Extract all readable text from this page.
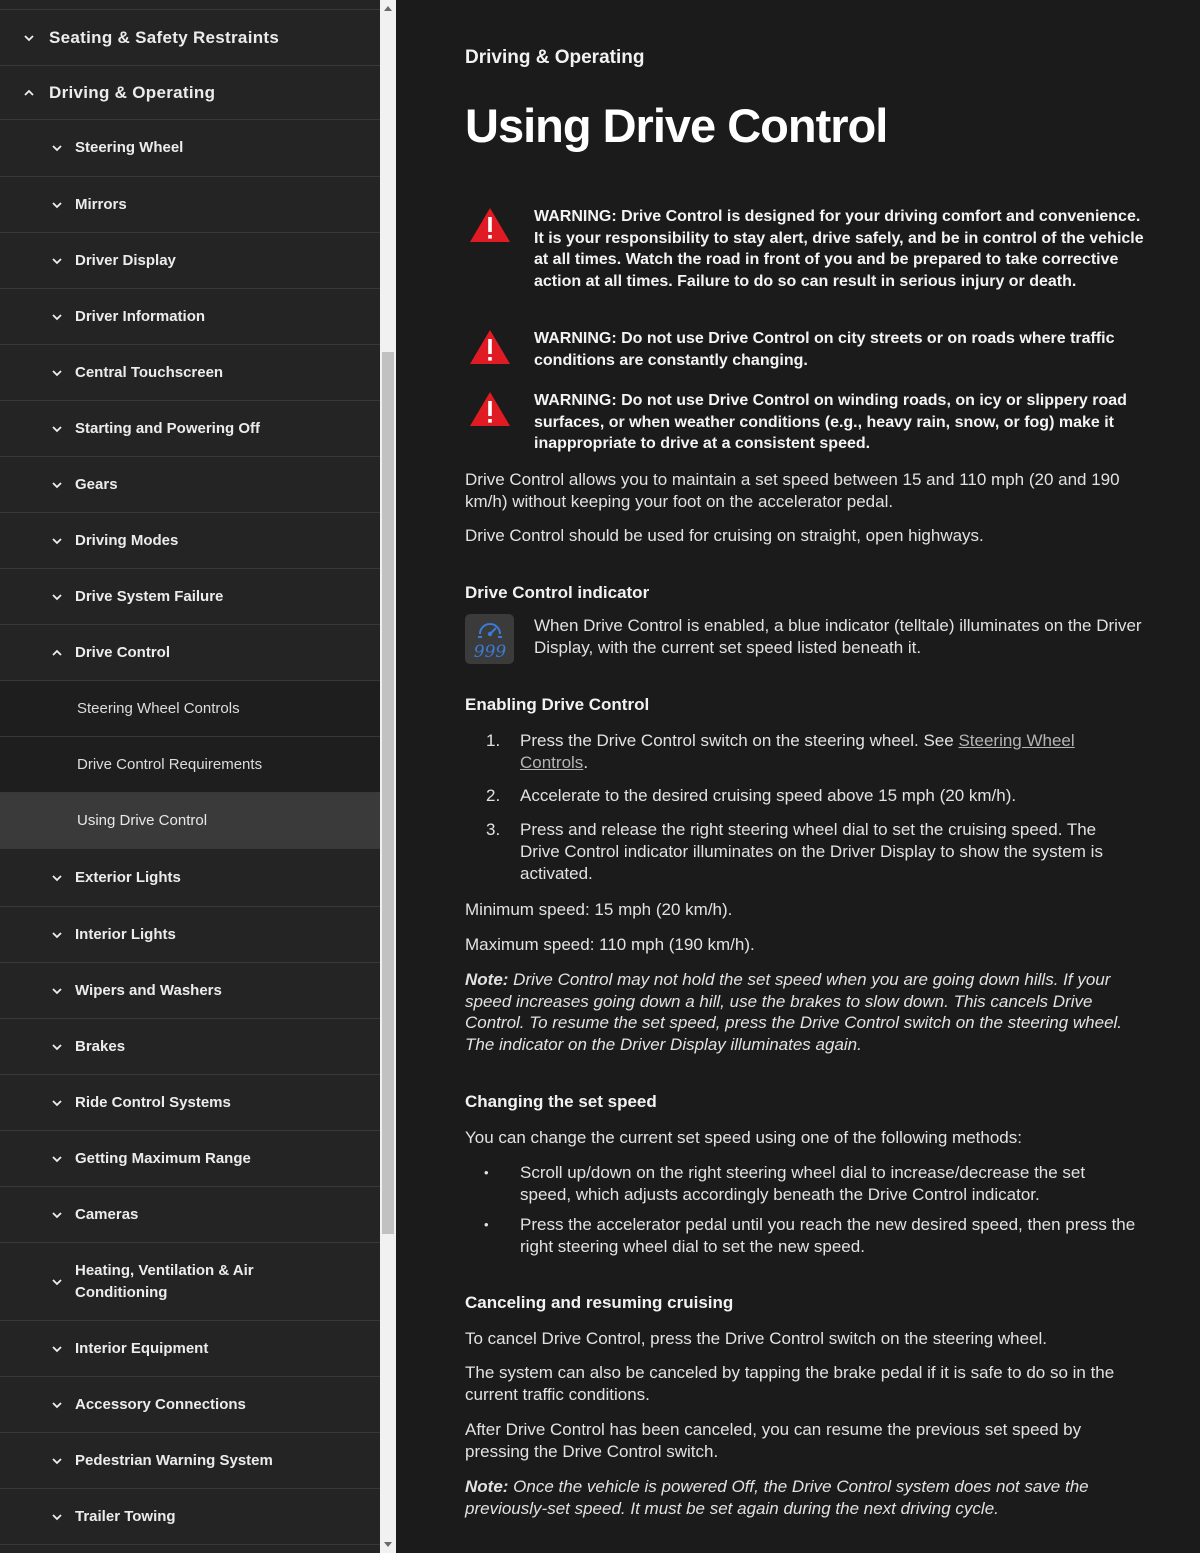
Seating & Safety Restraints
Driving & Operating
Steering Wheel
Mirrors
Driver Display
Driver Information
Central Touchscreen
Starting and Powering Off
Gears
Driving Modes
Drive System Failure
Drive Control
Steering Wheel Controls
Drive Control Requirements
Using Drive Control
Exterior Lights
Interior Lights
Wipers and Washers
Brakes
Ride Control Systems
Getting Maximum Range
Cameras
Heating, Ventilation & Air Conditioning
Interior Equipment
Accessory Connections
Pedestrian Warning System
Trailer Towing
Driving & Operating
Using Drive Control
WARNING: Drive Control is designed for your driving comfort and convenience. It is your responsibility to stay alert, drive safely, and be in control of the vehicle at all times. Watch the road in front of you and be prepared to take corrective action at all times. Failure to do so can result in serious injury or death.
WARNING: Do not use Drive Control on city streets or on roads where traffic conditions are constantly changing.
WARNING: Do not use Drive Control on winding roads, on icy or slippery road surfaces, or when weather conditions (e.g., heavy rain, snow, or fog) make it inappropriate to drive at a consistent speed.

Drive Control allows you to maintain a set speed between 15 and 110 mph (20 and 190 km/h) without keeping your foot on the accelerator pedal.

Drive Control should be used for cruising on straight, open highways.

Drive Control indicator
999
When Drive Control is enabled, a blue indicator (telltale) illuminates on the Driver Display, with the current set speed listed beneath it.
Enabling Drive Control
1.	Press the Drive Control switch on the steering wheel. See Steering Wheel Controls.
2.	Accelerate to the desired cruising speed above 15 mph (20 km/h).
3.	Press and release the right steering wheel dial to set the cruising speed. The Drive Control indicator illuminates on the Driver Display to show the system is activated.

Minimum speed: 15 mph (20 km/h).

Maximum speed: 110 mph (190 km/h).

Note: Drive Control may not hold the set speed when you are going down hills. If your speed increases going down a hill, use the brakes to slow down. This cancels Drive Control. To resume the set speed, press the Drive Control switch on the steering wheel. The indicator on the Driver Display illuminates again.

Changing the set speed

You can change the current set speed using one of the following methods:

•	Scroll up/down on the right steering wheel dial to increase/decrease the set speed, which adjusts accordingly beneath the Drive Control indicator.
•	Press the accelerator pedal until you reach the new desired speed, then press the right steering wheel dial to set the new speed.
Canceling and resuming cruising

To cancel Drive Control, press the Drive Control switch on the steering wheel.

The system can also be canceled by tapping the brake pedal if it is safe to do so in the current traffic conditions.

After Drive Control has been canceled, you can resume the previous set speed by pressing the Drive Control switch.

Note: Once the vehicle is powered Off, the Drive Control system does not save the previously-set speed. It must be set again during the next driving cycle.
